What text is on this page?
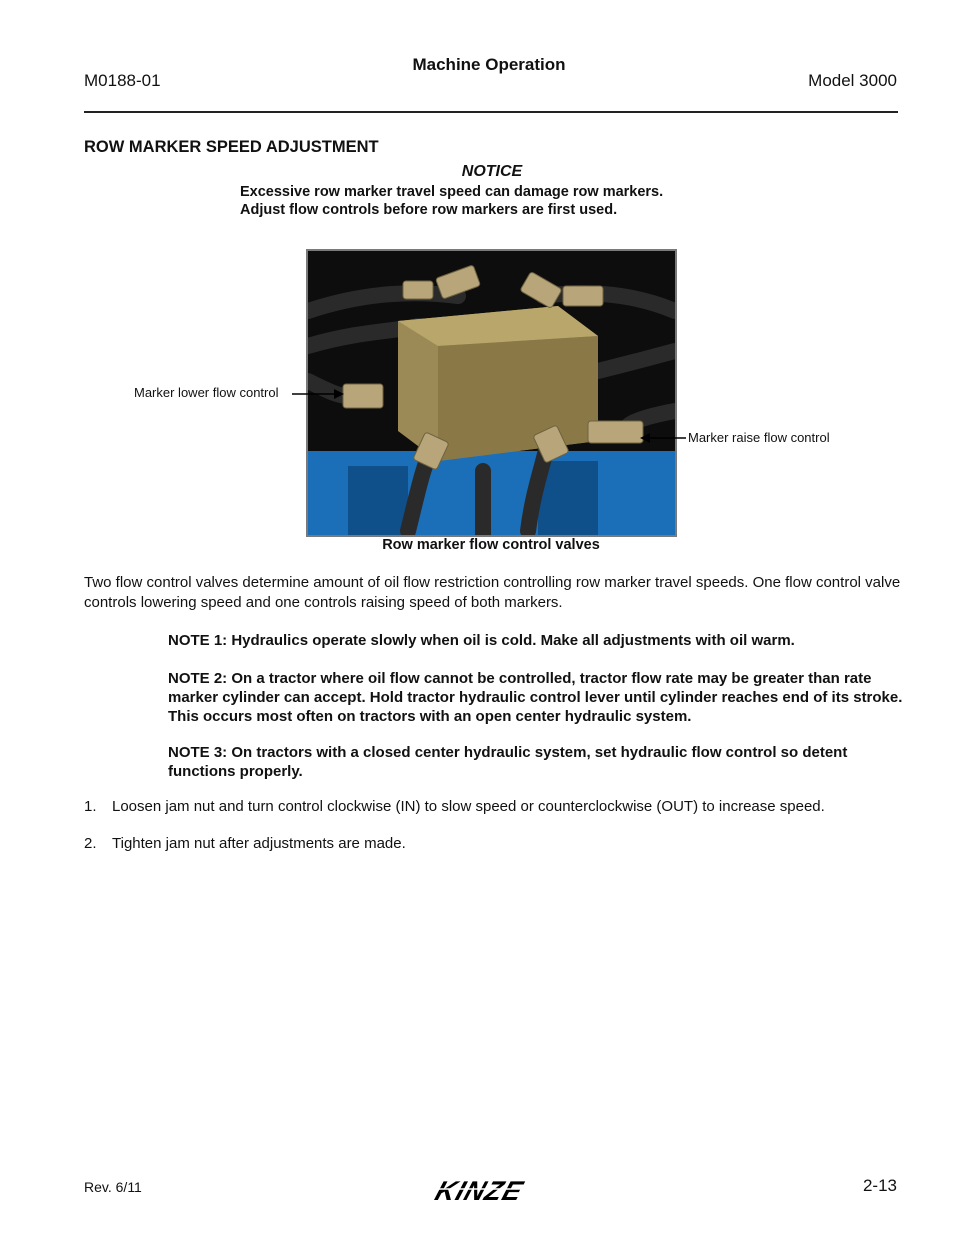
M0188-01
Machine Operation
Model 3000
ROW MARKER SPEED ADJUSTMENT
NOTICE
Excessive row marker travel speed can damage row markers.
Adjust flow controls before row markers are first used.
Marker lower flow control
Marker raise flow control
Row marker flow control valves
Two flow control valves determine amount of oil flow restriction controlling row marker travel speeds. One flow control valve controls lowering speed and one controls raising speed of both markers.
NOTE 1: Hydraulics operate slowly when oil is cold. Make all adjustments with oil warm.
NOTE 2: On a tractor where oil flow cannot be controlled, tractor flow rate may be greater than rate marker cylinder can accept. Hold tractor hydraulic control lever until cylinder reaches end of its stroke. This occurs most often on tractors with an open center hydraulic system.
NOTE 3: On tractors with a closed center hydraulic system, set hydraulic flow control so detent functions properly.
1. Loosen jam nut and turn control clockwise (IN) to slow speed or counterclockwise (OUT) to increase speed.
2. Tighten jam nut after adjustments are made.
Rev. 6/11	KINZE	2-13
